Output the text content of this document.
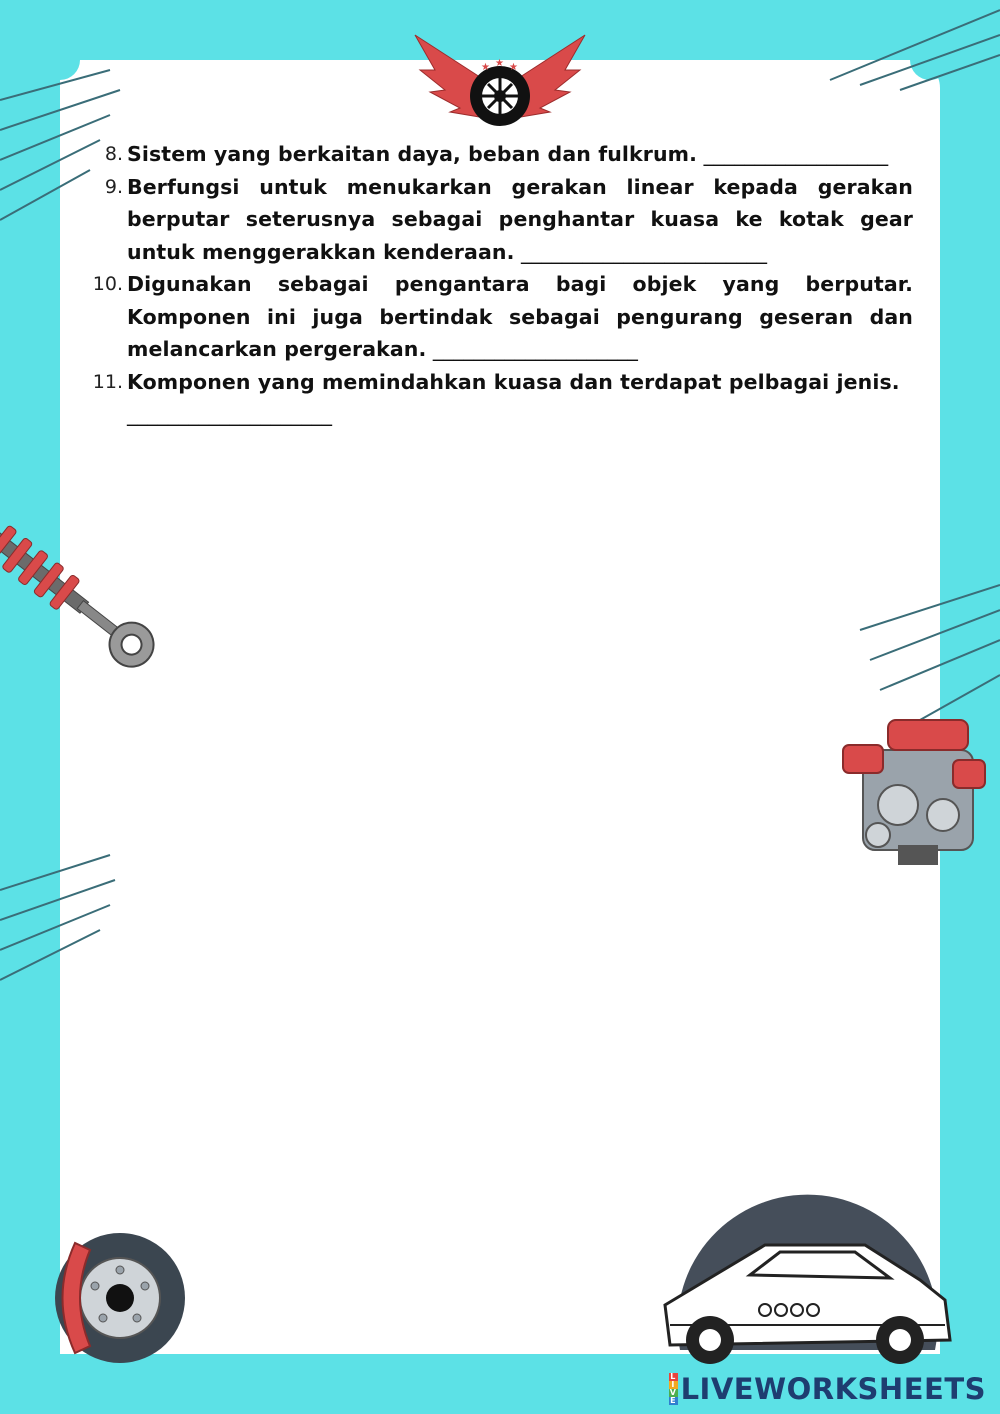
★ ★ ★
8. Sistem yang berkaitan daya, beban dan fulkrum. __________________
9. Berfungsi untuk menukarkan gerakan linear kepada gerakan berputar seterusnya sebagai penghantar kuasa ke kotak gear untuk menggerakkan kenderaan. ________________________
10. Digunakan sebagai pengantara bagi objek yang berputar. Komponen ini juga bertindak sebagai pengurang geseran dan melancarkan pergerakan. ____________________
11. Komponen yang memindahkan kuasa dan terdapat pelbagai jenis.
____________________
L
I
V
E LIVEWORKSHEETS
